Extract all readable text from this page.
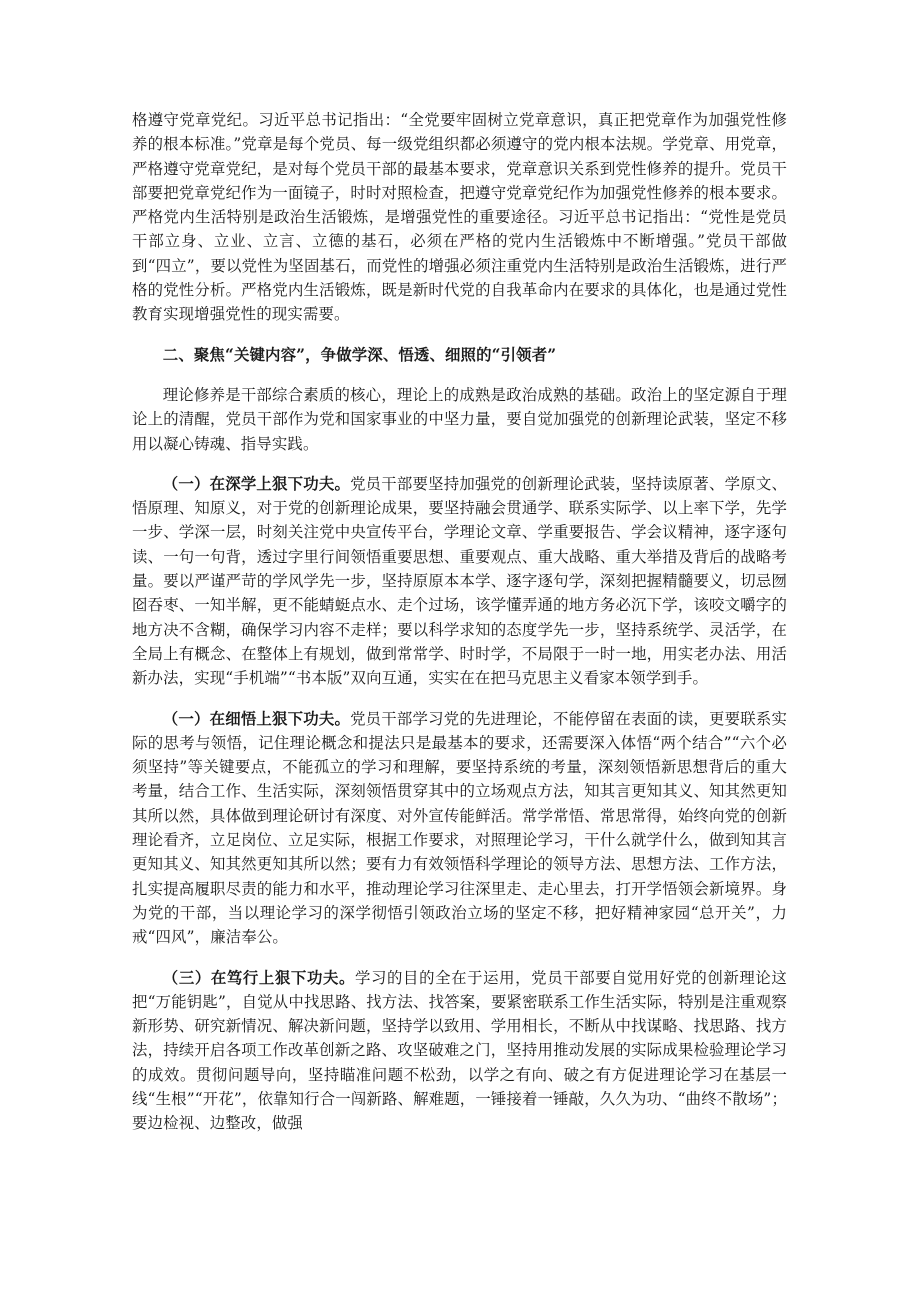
格遵守党章党纪。习近平总书记指出：“全党要牢固树立党章意识，真正把党章作为加强党性修养的根本标准。”党章是每个党员、每一级党组织都必须遵守的党内根本法规。学党章、用党章，严格遵守党章党纪，是对每个党员干部的最基本要求，党章意识关系到党性修养的提升。党员干部要把党章党纪作为一面镜子，时时对照检查，把遵守党章党纪作为加强党性修养的根本要求。严格党内生活特别是政治生活锻炼，是增强党性的重要途径。习近平总书记指出：“党性是党员干部立身、立业、立言、立德的基石，必须在严格的党内生活锻炼中不断增强。”党员干部做到“四立”，要以党性为坚固基石，而党性的增强必须注重党内生活特别是政治生活锻炼，进行严格的党性分析。严格党内生活锻炼，既是新时代党的自我革命内在要求的具体化，也是通过党性教育实现增强党性的现实需要。

二、聚焦“关键内容”，争做学深、悟透、细照的“引领者”

理论修养是干部综合素质的核心，理论上的成熟是政治成熟的基础。政治上的坚定源自于理论上的清醒，党员干部作为党和国家事业的中坚力量，要自觉加强党的创新理论武装，坚定不移用以凝心铸魂、指导实践。

（一）在深学上狠下功夫。党员干部要坚持加强党的创新理论武装，坚持读原著、学原文、悟原理、知原义，对于党的创新理论成果，要坚持融会贯通学、联系实际学、以上率下学，先学一步、学深一层，时刻关注党中央宣传平台，学理论文章、学重要报告、学会议精神，逐字逐句读、一句一句背，透过字里行间领悟重要思想、重要观点、重大战略、重大举措及背后的战略考量。要以严谨严苛的学风学先一步，坚持原原本本学、逐字逐句学，深刻把握精髓要义，切忌囫囵吞枣、一知半解，更不能蜻蜓点水、走个过场，该学懂弄通的地方务必沉下学，该咬文嚼字的地方决不含糊，确保学习内容不走样；要以科学求知的态度学先一步，坚持系统学、灵活学，在全局上有概念、在整体上有规划，做到常常学、时时学，不局限于一时一地，用实老办法、用活新办法，实现“手机端”“书本版”双向互通，实实在在把马克思主义看家本领学到手。

（一）在细悟上狠下功夫。党员干部学习党的先进理论，不能停留在表面的读，更要联系实际的思考与领悟，记住理论概念和提法只是最基本的要求，还需要深入体悟“两个结合”“六个必须坚持”等关键要点，不能孤立的学习和理解，要坚持系统的考量，深刻领悟新思想背后的重大考量，结合工作、生活实际，深刻领悟贯穿其中的立场观点方法，知其言更知其义、知其然更知其所以然，具体做到理论研讨有深度、对外宣传能鲜活。常学常悟、常思常得，始终向党的创新理论看齐，立足岗位、立足实际，根据工作要求，对照理论学习，干什么就学什么，做到知其言更知其义、知其然更知其所以然；要有力有效领悟科学理论的领导方法、思想方法、工作方法，扎实提高履职尽责的能力和水平，推动理论学习往深里走、走心里去，打开学悟领会新境界。身为党的干部，当以理论学习的深学彻悟引领政治立场的坚定不移，把好精神家园“总开关”，力戒“四风”，廉洁奉公。

（三）在笃行上狠下功夫。学习的目的全在于运用，党员干部要自觉用好党的创新理论这把“万能钥匙”，自觉从中找思路、找方法、找答案，要紧密联系工作生活实际，特别是注重观察新形势、研究新情况、解决新问题，坚持学以致用、学用相长，不断从中找谋略、找思路、找方法，持续开启各项工作改革创新之路、攻坚破难之门，坚持用推动发展的实际成果检验理论学习的成效。贯彻问题导向，坚持瞄准问题不松劲，以学之有向、破之有方促进理论学习在基层一线“生根”“开花”，依靠知行合一闯新路、解难题，一锤接着一锤敲，久久为功、“曲终不散场”；要边检视、边整改，做强
